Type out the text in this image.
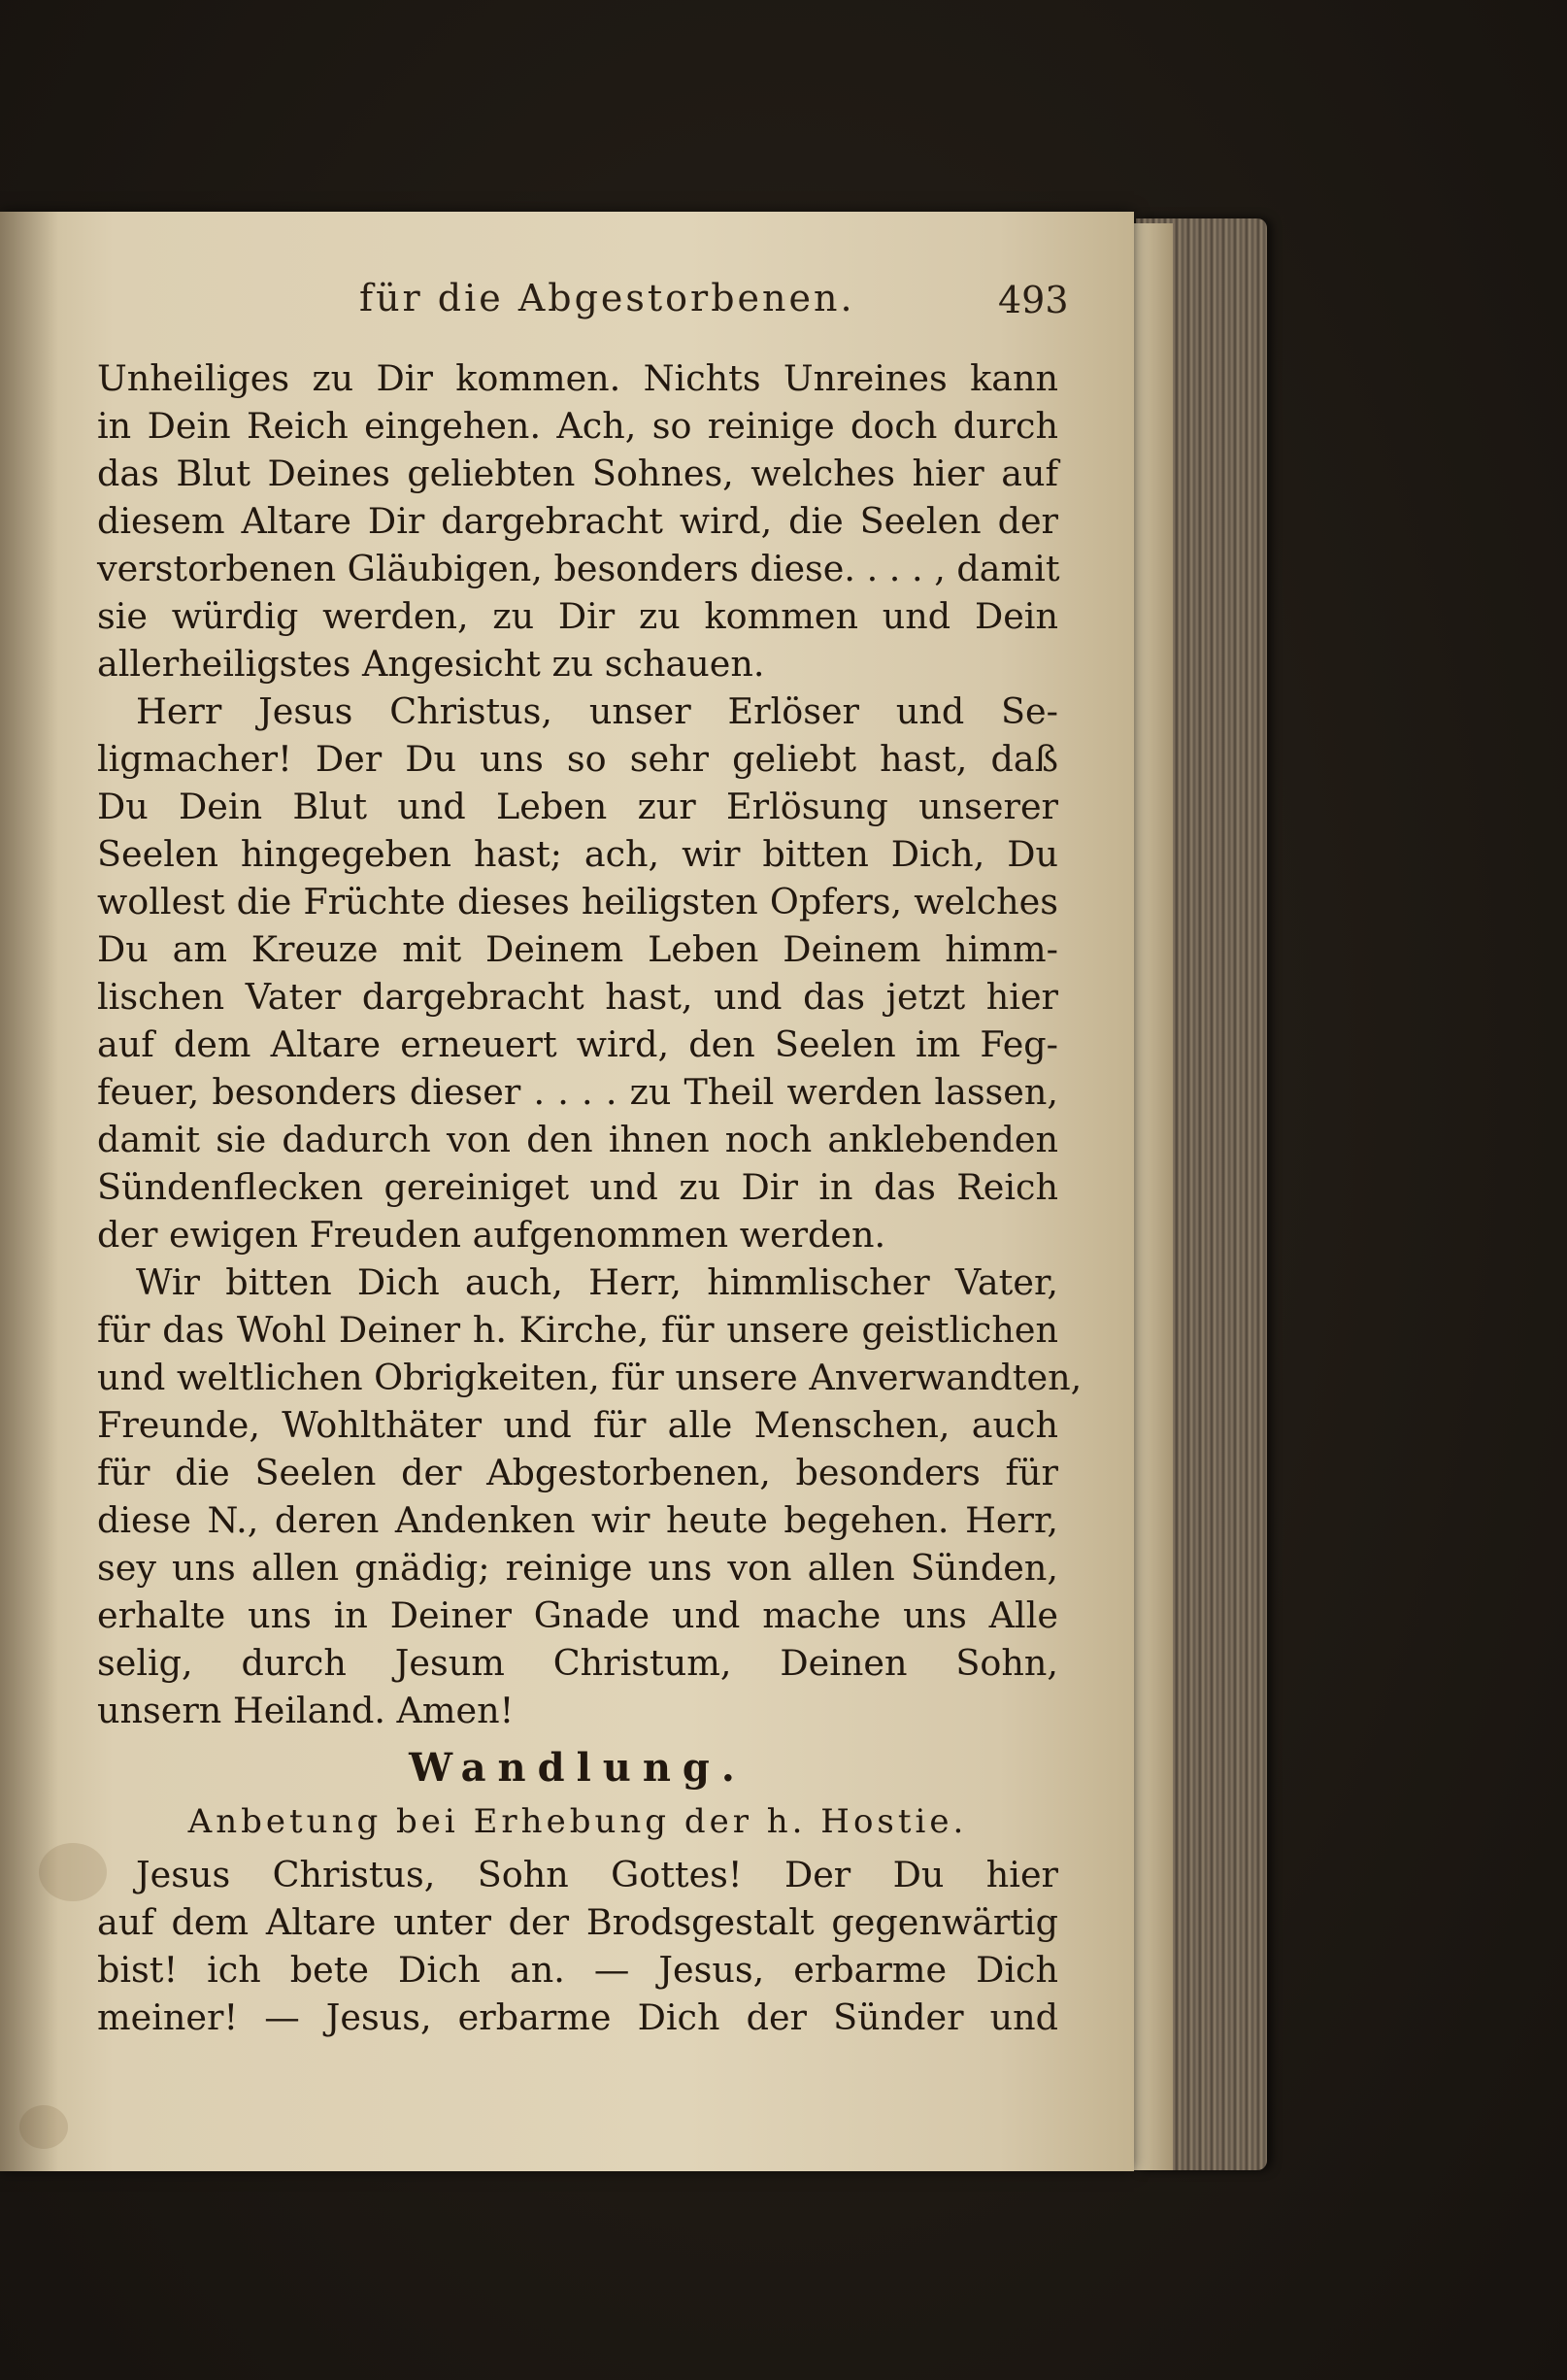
für die Abgestorbenen.	493
Unheiliges zu Dir kommen. Nichts Unreines kann
in Dein Reich eingehen. Ach, so reinige doch durch
das Blut Deines geliebten Sohnes, welches hier auf
diesem Altare Dir dargebracht wird, die Seelen der
verstorbenen Gläubigen, besonders diese. . . . , damit
sie würdig werden, zu Dir zu kommen und Dein
allerheiligstes Angesicht zu schauen.
Herr Jesus Christus, unser Erlöser und Se-
ligmacher! Der Du uns so sehr geliebt hast, daß
Du Dein Blut und Leben zur Erlösung unserer
Seelen hingegeben hast; ach, wir bitten Dich, Du
wollest die Früchte dieses heiligsten Opfers, welches
Du am Kreuze mit Deinem Leben Deinem himm-
lischen Vater dargebracht hast, und das jetzt hier
auf dem Altare erneuert wird, den Seelen im Feg-
feuer, besonders dieser . . . . zu Theil werden lassen,
damit sie dadurch von den ihnen noch anklebenden
Sündenflecken gereiniget und zu Dir in das Reich
der ewigen Freuden aufgenommen werden.
Wir bitten Dich auch, Herr, himmlischer Vater,
für das Wohl Deiner h. Kirche, für unsere geistlichen
und weltlichen Obrigkeiten, für unsere Anverwandten,
Freunde, Wohlthäter und für alle Menschen, auch
für die Seelen der Abgestorbenen, besonders für
diese N., deren Andenken wir heute begehen. Herr,
sey uns allen gnädig; reinige uns von allen Sünden,
erhalte uns in Deiner Gnade und mache uns Alle
selig, durch Jesum Christum, Deinen Sohn,
unsern Heiland. Amen!
Wandlung.
Anbetung bei Erhebung der h. Hostie.
Jesus Christus, Sohn Gottes! Der Du hier
auf dem Altare unter der Brodsgestalt gegenwärtig
bist! ich bete Dich an. — Jesus, erbarme Dich
meiner! — Jesus, erbarme Dich der Sünder und
